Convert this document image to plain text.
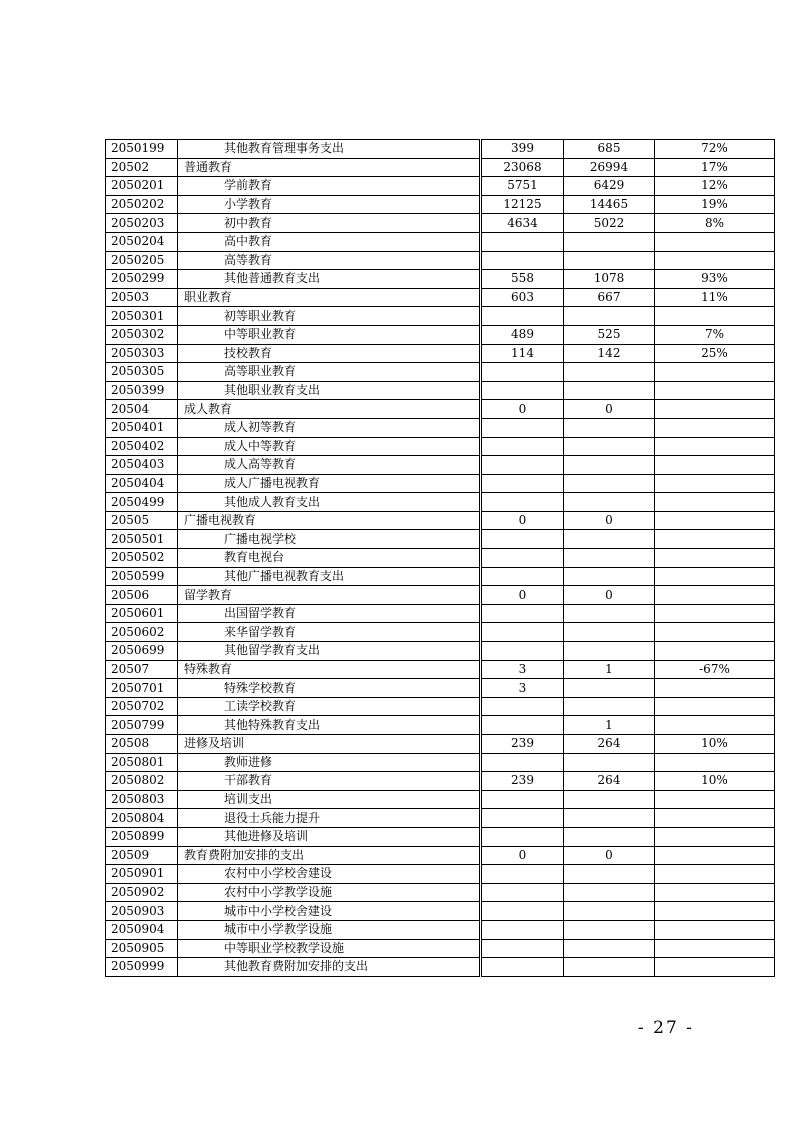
2050199	其他教育管理事务支出		399	685	72%
20502	普通教育		23068	26994	17%
2050201	学前教育		5751	6429	12%
2050202	小学教育		12125	14465	19%
2050203	初中教育		4634	5022	8%
2050204	高中教育				
2050205	高等教育				
2050299	其他普通教育支出		558	1078	93%
20503	职业教育		603	667	11%
2050301	初等职业教育				
2050302	中等职业教育		489	525	7%
2050303	技校教育		114	142	25%
2050305	高等职业教育				
2050399	其他职业教育支出				
20504	成人教育		0	0	
2050401	成人初等教育				
2050402	成人中等教育				
2050403	成人高等教育				
2050404	成人广播电视教育				
2050499	其他成人教育支出				
20505	广播电视教育		0	0	
2050501	广播电视学校				
2050502	教育电视台				
2050599	其他广播电视教育支出				
20506	留学教育		0	0	
2050601	出国留学教育				
2050602	来华留学教育				
2050699	其他留学教育支出				
20507	特殊教育		3	1	-67%
2050701	特殊学校教育		3		
2050702	工读学校教育				
2050799	其他特殊教育支出			1	
20508	进修及培训		239	264	10%
2050801	教师进修				
2050802	干部教育		239	264	10%
2050803	培训支出				
2050804	退役士兵能力提升				
2050899	其他进修及培训				
20509	教育费附加安排的支出		0	0	
2050901	农村中小学校舍建设				
2050902	农村中小学教学设施				
2050903	城市中小学校舍建设				
2050904	城市中小学教学设施				
2050905	中等职业学校教学设施				
2050999	其他教育费附加安排的支出				
- 27 -
